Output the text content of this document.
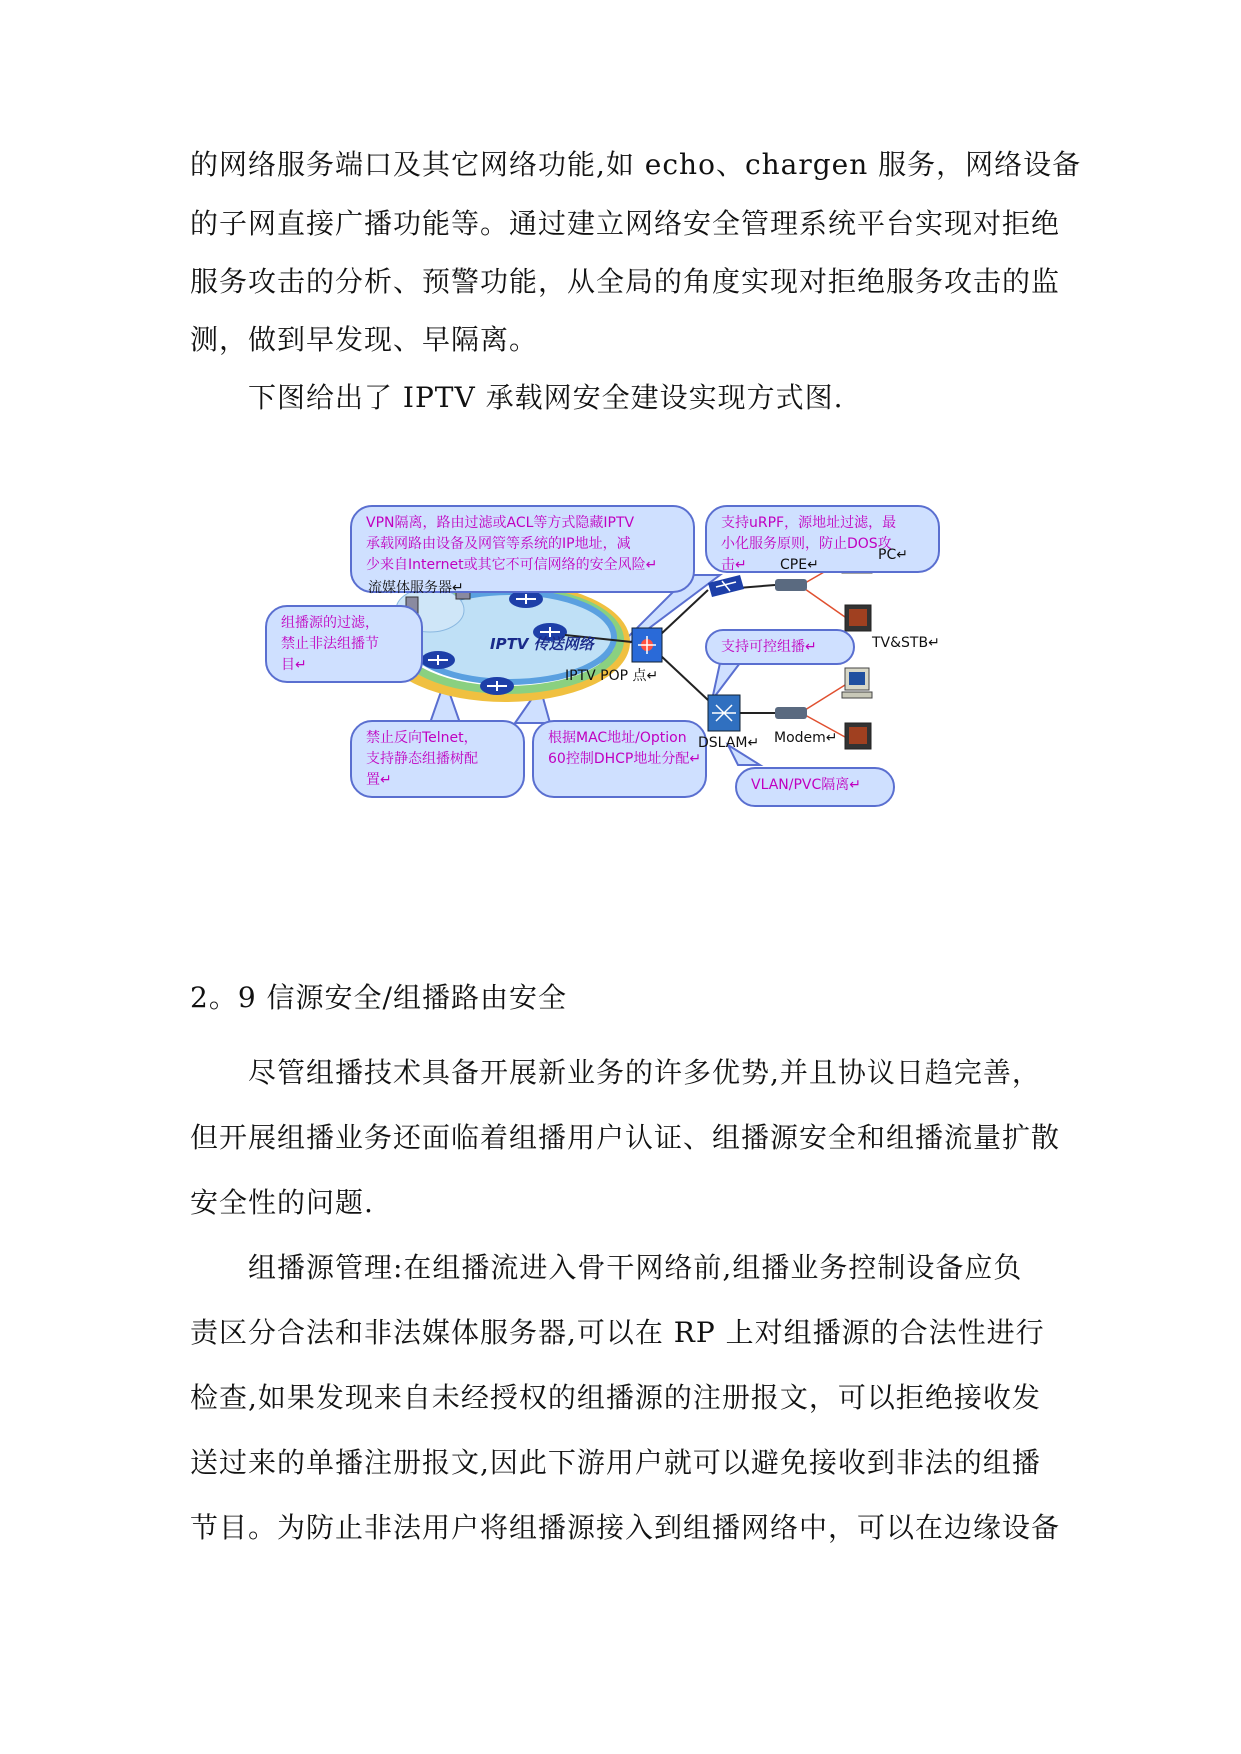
的网络服务端口及其它网络功能,如 echo、chargen 服务，网络设备
的子网直接广播功能等。通过建立网络安全管理系统平台实现对拒绝
服务攻击的分析、预警功能，从全局的角度实现对拒绝服务攻击的监
测，做到早发现、早隔离。
下图给出了 IPTV 承载网安全建设实现方式图.
VPN隔离，路由过滤或ACL等方式隐藏IPTV
承载网路由设备及网管等系统的IP地址，减
少来自Internet或其它不可信网络的安全风险↵
支持uRPF，源地址过滤，最
小化服务原则，防止DOS攻
击↵
组播源的过滤，
禁止非法组播节
目↵
支持可控组播↵
禁止反向Telnet，
支持静态组播树配
置↵
根据MAC地址/Option
60控制DHCP地址分配↵
VLAN/PVC隔离↵
流媒体服务器↵
IPTV 传送网络
IPTV POP 点↵
CPE↵
PC↵
TV&STB↵
DSLAM↵ Modem↵
2。9 信源安全/组播路由安全
尽管组播技术具备开展新业务的许多优势,并且协议日趋完善，
但开展组播业务还面临着组播用户认证、组播源安全和组播流量扩散
安全性的问题.
组播源管理:在组播流进入骨干网络前,组播业务控制设备应负
责区分合法和非法媒体服务器,可以在 RP 上对组播源的合法性进行
检查,如果发现来自未经授权的组播源的注册报文，可以拒绝接收发
送过来的单播注册报文,因此下游用户就可以避免接收到非法的组播
节目。为防止非法用户将组播源接入到组播网络中，可以在边缘设备
